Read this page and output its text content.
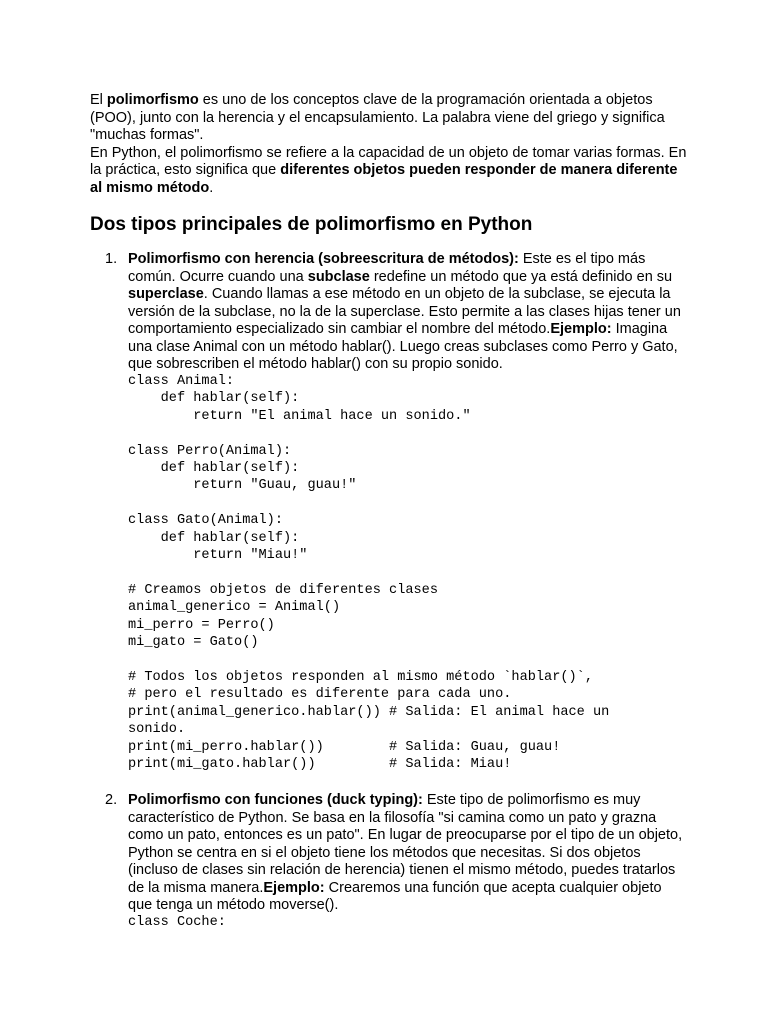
El polimorfismo es uno de los conceptos clave de la programación orientada a objetos (POO), junto con la herencia y el encapsulamiento. La palabra viene del griego y significa "muchas formas".

En Python, el polimorfismo se refiere a la capacidad de un objeto de tomar varias formas. En la práctica, esto significa que diferentes objetos pueden responder de manera diferente al mismo método.

Dos tipos principales de polimorfismo en Python
1. Polimorfismo con herencia (sobreescritura de métodos): Este es el tipo más común. Ocurre cuando una subclase redefine un método que ya está definido en su superclase. Cuando llamas a ese método en un objeto de la subclase, se ejecuta la versión de la subclase, no la de la superclase. Esto permite a las clases hijas tener un comportamiento especializado sin cambiar el nombre del método.Ejemplo: Imagina una clase Animal con un método hablar(). Luego creas subclases como Perro y Gato, que sobrescriben el método hablar() con su propio sonido.

class Animal:
def hablar(self):
return "El animal hace un sonido."

class Perro(Animal):
def hablar(self):
return "Guau, guau!"

class Gato(Animal):
def hablar(self):
return "Miau!"

# Creamos objetos de diferentes clases
animal_generico = Animal()
mi_perro = Perro()
mi_gato = Gato()

# Todos los objetos responden al mismo método `hablar()`,
# pero el resultado es diferente para cada uno.
print(animal_generico.hablar()) # Salida: El animal hace un
sonido.
print(mi_perro.hablar())        # Salida: Guau, guau!
print(mi_gato.hablar())         # Salida: Miau!
2. Polimorfismo con funciones (duck typing): Este tipo de polimorfismo es muy característico de Python. Se basa en la filosofía "si camina como un pato y grazna como un pato, entonces es un pato". En lugar de preocuparse por el tipo de un objeto, Python se centra en si el objeto tiene los métodos que necesitas. Si dos objetos (incluso de clases sin relación de herencia) tienen el mismo método, puedes tratarlos de la misma manera.Ejemplo: Crearemos una función que acepta cualquier objeto que tenga un método moverse().

class Coche:
